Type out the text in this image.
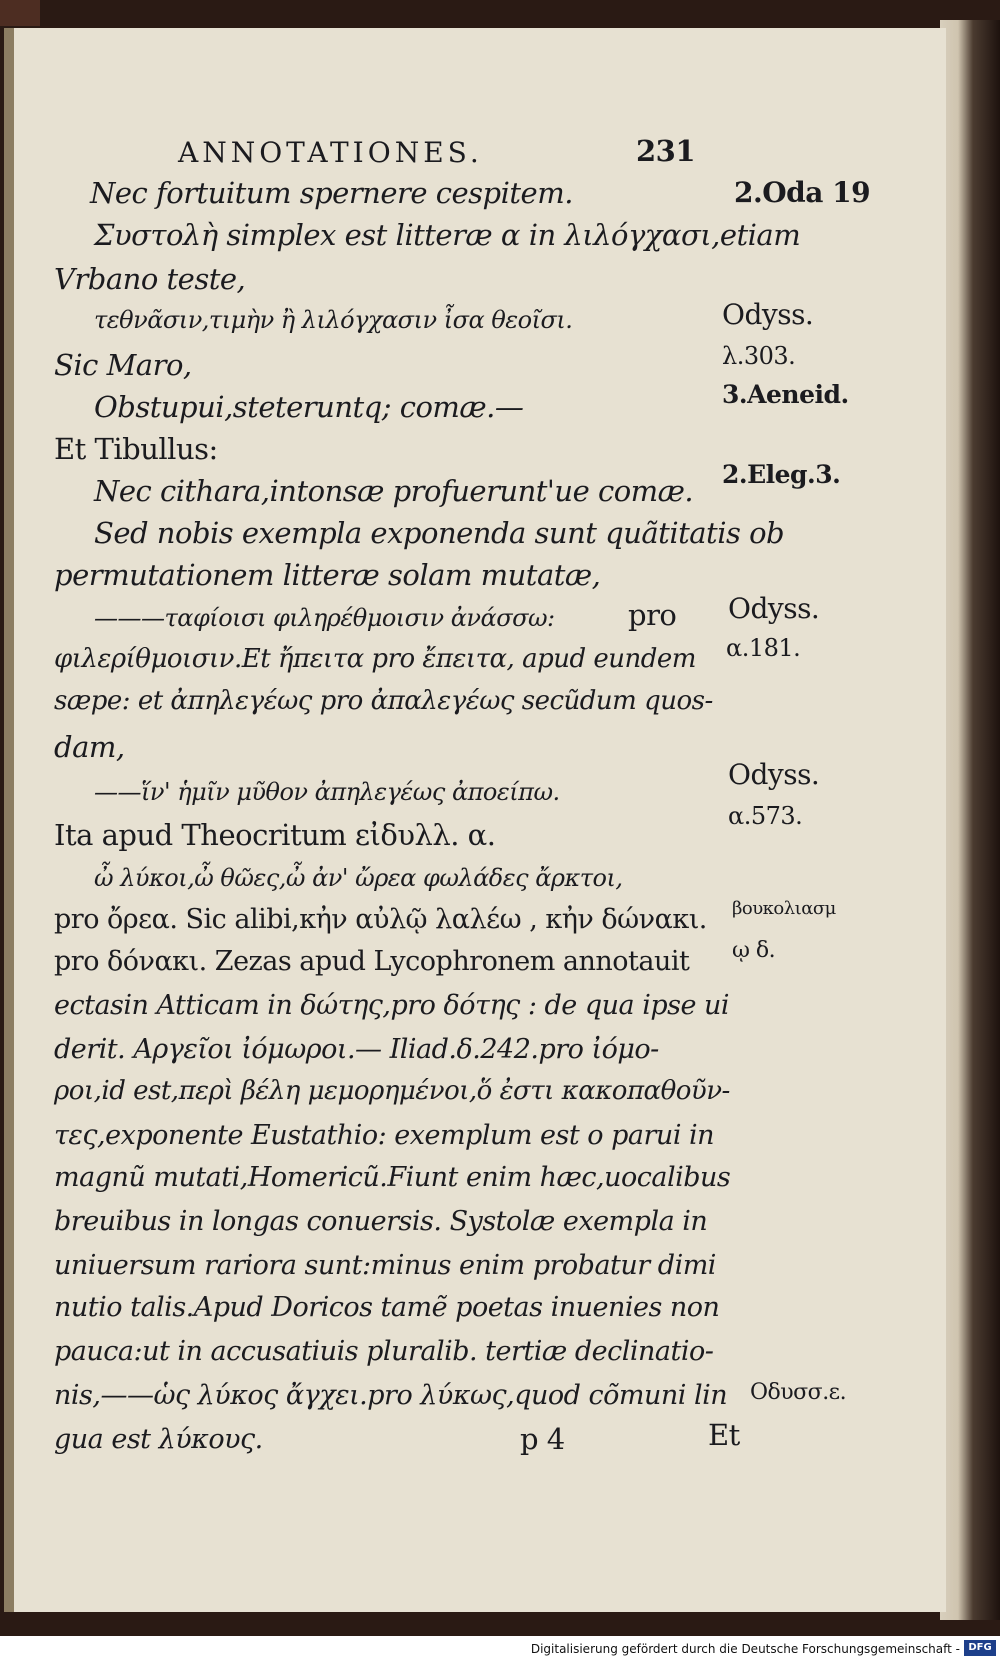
ANNOTATIONES.	231
Nec fortuitum spernere cespitem.
Συστολὴ simplex est litteræ α in λιλόγχασι,etiam
Vrbano teste,
τεθνᾶσιν,τιμὴν ἢ λιλόγχασιν ἶσα θεοῖσι.
Sic Maro,
Obstupui,steteruntq; comæ.—
Et Tibullus:
Nec cithara,intonsæ profuerunt'ue comæ.
Sed nobis exempla exponenda sunt quãtitatis ob
permutationem litteræ solam mutatæ,
———ταφίοισι φιληρέθμοισιν ἀνάσσω:	pro
φιλερίθμοισιν.Et ἤπειτα pro ἔπειτα, apud eundem
sæpe: et ἀπηλεγέως pro ἀπαλεγέως secũdum quos-
dam,
——ἵν' ἡμῖν μῦθον ἀπηλεγέως ἀποείπω.
Ita apud Theocritum εἰδυλλ. α.
ὦ λύκοι,ὦ θῶες,ὦ ἀν' ὤρεα φωλάδες ἄρκτοι,
pro ὄρεα. Sic alibi,κἠν αὐλῷ λαλέω , κἠν δώνακι.
pro δόνακι. Zezas apud Lycophronem annotauit
ectasin Atticam in δώτης,pro δότης : de qua ipse ui
derit. Αργεῖοι ἰόμωροι.— Iliad.δ.242.pro ἰόμο-
ροι,id est,περὶ βέλη μεμορημένοι,ὅ ἐστι κακοπαθοῦν-
τες,exponente Eustathio: exemplum est o parui in
magnũ mutati,Homericũ.Fiunt enim hæc,uocalibus
breuibus in longas conuersis. Systolæ exempla in
uniuersum rariora sunt:minus enim probatur dimi
nutio talis.Apud Doricos tamẽ poetas inuenies non
pauca:ut in accusatiuis pluralib. tertiæ declinatio-
nis,——ὡς λύκος ἄγχει.pro λύκως,quod cõmuni lin
gua est λύκους.	p 4	Et
2.Oda 19
Odyss.
λ.303.
3.Aeneid.
2.Eleg.3.
Odyss.
α.181.
Odyss.
α.573.
βουκολιασμ
ῳ δ.
Οδυσσ.ε.
Digitalisierung gefördert durch die Deutsche Forschungsgemeinschaft - DFG
